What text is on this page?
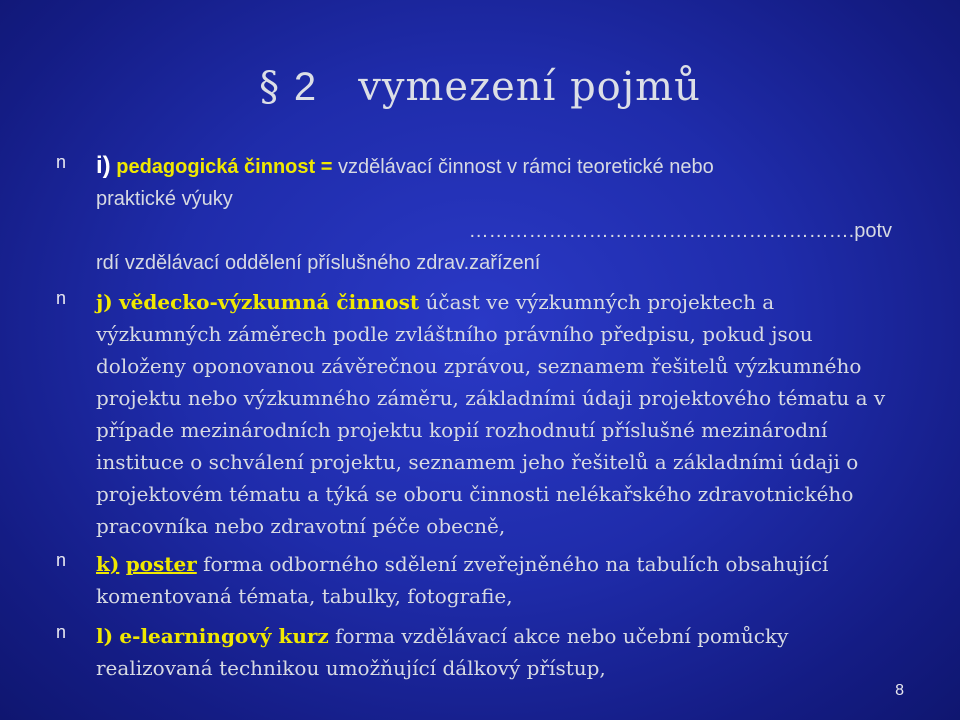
§ 2 vymezení pojmů
n i) pedagogická činnost = vzdělávací činnost v rámci teoretické nebo
praktické výuky
………………………………………………….potv
rdí vzdělávací oddělení příslušného zdrav.zařízení
n j) vědecko-výzkumná činnost účast ve výzkumných projektech a
výzkumných záměrech podle zvláštního právního předpisu, pokud jsou
doloženy oponovanou závěrečnou zprávou, seznamem řešitelů výzkumného
projektu nebo výzkumného záměru, základními údaji projektového tématu a v
případe mezinárodních projektu kopií rozhodnutí příslušné mezinárodní
instituce o schválení projektu, seznamem jeho řešitelů a základními údaji o
projektovém tématu a týká se oboru činnosti nelékařského zdravotnického
pracovníka nebo zdravotní péče obecně,
n k) poster forma odborného sdělení zveřejněného na tabulích obsahující
komentovaná témata, tabulky, fotografie,
n l) e-learningový kurz forma vzdělávací akce nebo učební pomůcky
realizovaná technikou umožňující dálkový přístup,
8
